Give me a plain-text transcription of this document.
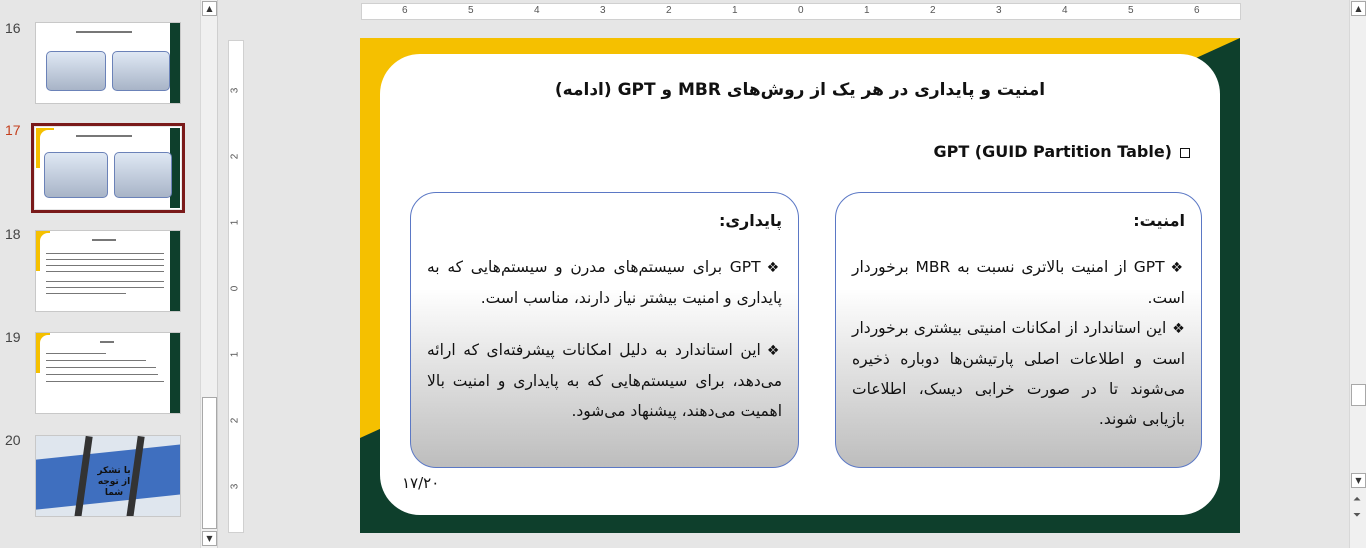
16
17
18
19
20
با تشکر
از توجه شما
▲
▼
6	5	4	3	2	1	0	1	2	3	4	5	6
3
2
1
0
1
2
3
امنیت و پایداری در هر یک از روش‌های MBR و GPT (ادامه)
GPT (GUID Partition Table)
امنیت:
❖GPT از امنیت بالاتری نسبت به MBR برخوردار است.
❖این استاندارد از امکانات امنیتی بیشتری برخوردار است و اطلاعات اصلی پارتیشن‌ها دوباره ذخیره می‌شوند تا در صورت خرابی دیسک، اطلاعات بازیابی شوند.
پایداری:
❖GPT برای سیستم‌های مدرن و سیستم‌هایی که به پایداری و امنیت بیشتر نیاز دارند، مناسب است.
❖این استاندارد به دلیل امکانات پیشرفته‌ای که ارائه می‌دهد، برای سیستم‌هایی که به پایداری و امنیت بالا اهمیت می‌دهند، پیشنهاد می‌شود.
۱۷/۲۰
▲
▼
⏶
⏷
